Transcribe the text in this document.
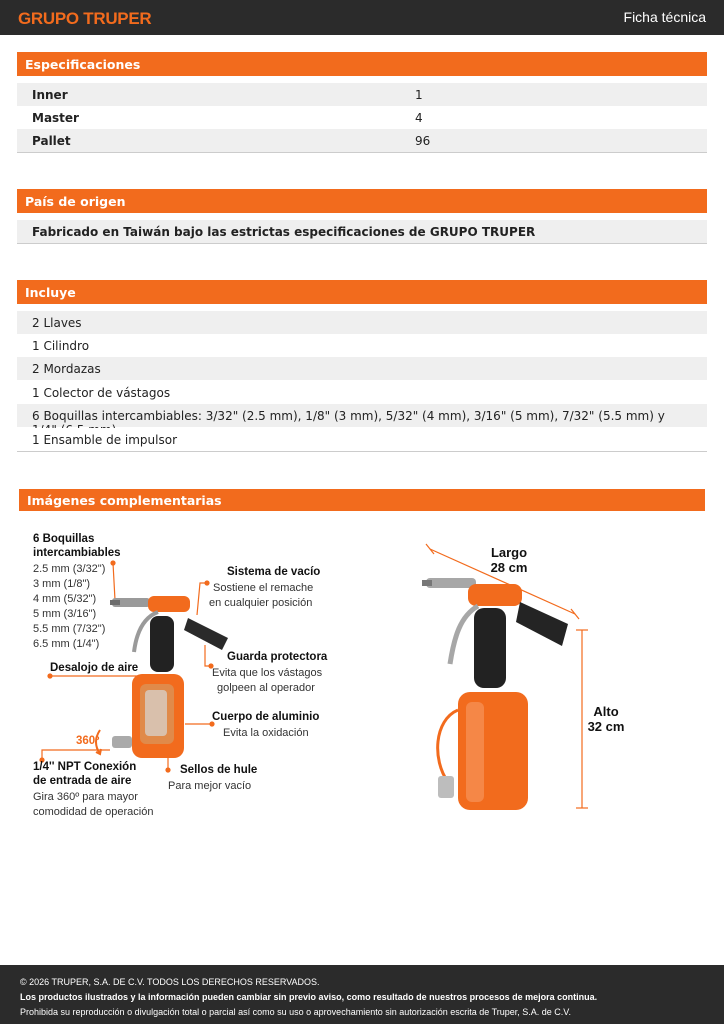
GRUPO TRUPER	Ficha técnica
Especificaciones
Inner	1
Master	4
Pallet	96
País de origen
Fabricado en Taiwán bajo las estrictas especificaciones de GRUPO TRUPER
Incluye
2 Llaves
1 Cilindro
2 Mordazas
1 Colector de vástagos
6 Boquillas intercambiables: 3/32" (2.5 mm), 1/8" (3 mm), 5/32" (4 mm), 3/16" (5 mm), 7/32" (5.5 mm) y
1 Ensamble de impulsor
Imágenes complementarias
6 Boquillas
intercambiables
2.5 mm (3/32")
3 mm (1/8")
4 mm (5/32")
5 mm (3/16")
5.5 mm (7/32")
6.5 mm (1/4")
Sistema de vacío
Sostiene el remache
en cualquier posición
Guarda protectora
Evita que los vástagos
golpeen al operador
Desalojo de aire
Cuerpo de aluminio
Evita la oxidación
360º
1/4'' NPT Conexión
de entrada de aire
Gira 360º para mayor
comodidad de operación
Sellos de hule
Para mejor vacío
Largo
28 cm
Alto
32 cm
© 2026 TRUPER, S.A. DE C.V. TODOS LOS DERECHOS RESERVADOS.
Los productos ilustrados y la información pueden cambiar sin previo aviso, como resultado de nuestros procesos de mejora continua.
Prohibida su reproducción o divulgación total o parcial así como su uso o aprovechamiento sin autorización escrita de Truper, S.A. de C.V.
